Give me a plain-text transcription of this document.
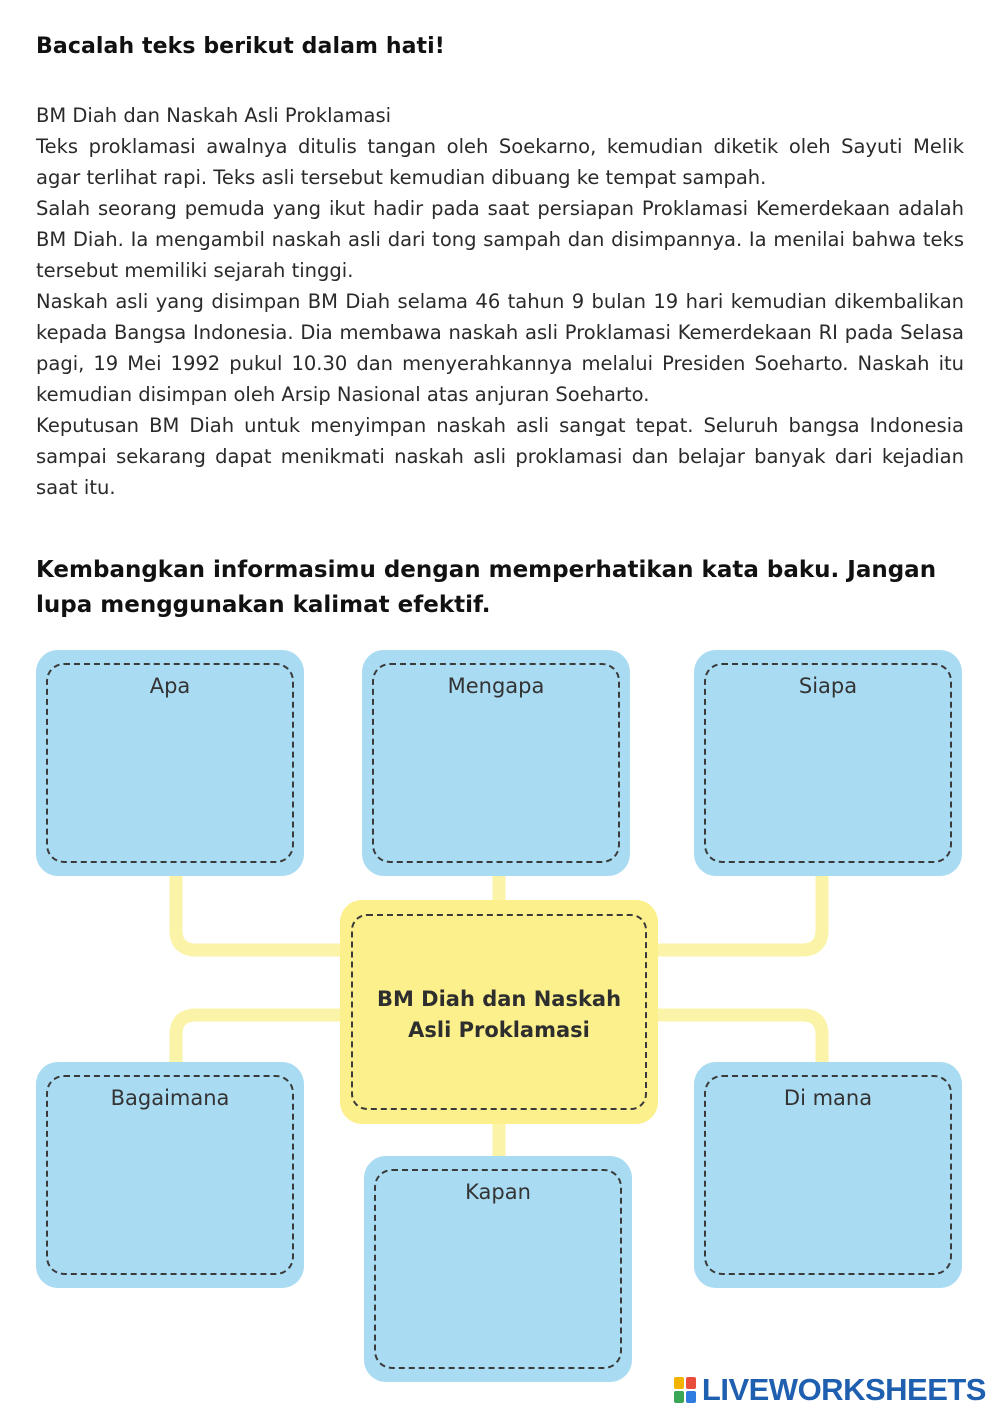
Bacalah teks berikut dalam hati!

BM Diah dan Naskah Asli Proklamasi

Teks proklamasi awalnya ditulis tangan oleh Soekarno, kemudian diketik oleh Sayuti Melik agar terlihat rapi. Teks asli tersebut kemudian dibuang ke tempat sampah.

Salah seorang pemuda yang ikut hadir pada saat persiapan Proklamasi Kemerdekaan adalah BM Diah. Ia mengambil naskah asli dari tong sampah dan disimpannya. Ia menilai bahwa teks tersebut memiliki sejarah tinggi.

Naskah asli yang disimpan BM Diah selama 46 tahun 9 bulan 19 hari kemudian dikembalikan kepada Bangsa Indonesia. Dia membawa naskah asli Proklamasi Kemerdekaan RI pada Selasa pagi, 19 Mei 1992 pukul 10.30 dan menyerahkannya melalui Presiden Soeharto. Naskah itu kemudian disimpan oleh Arsip Nasional atas anjuran Soeharto.

Keputusan BM Diah untuk menyimpan naskah asli sangat tepat. Seluruh bangsa Indonesia sampai sekarang dapat menikmati naskah asli proklamasi dan belajar banyak dari kejadian saat itu.

Kembangkan informasimu dengan memperhatikan kata baku. Jangan lupa menggunakan kalimat efektif.
Apa	Mengapa	Siapa
BM Diah dan Naskah
Asli Proklamasi
Bagaimana
Kapan
Di mana
LIVEWORKSHEETS
